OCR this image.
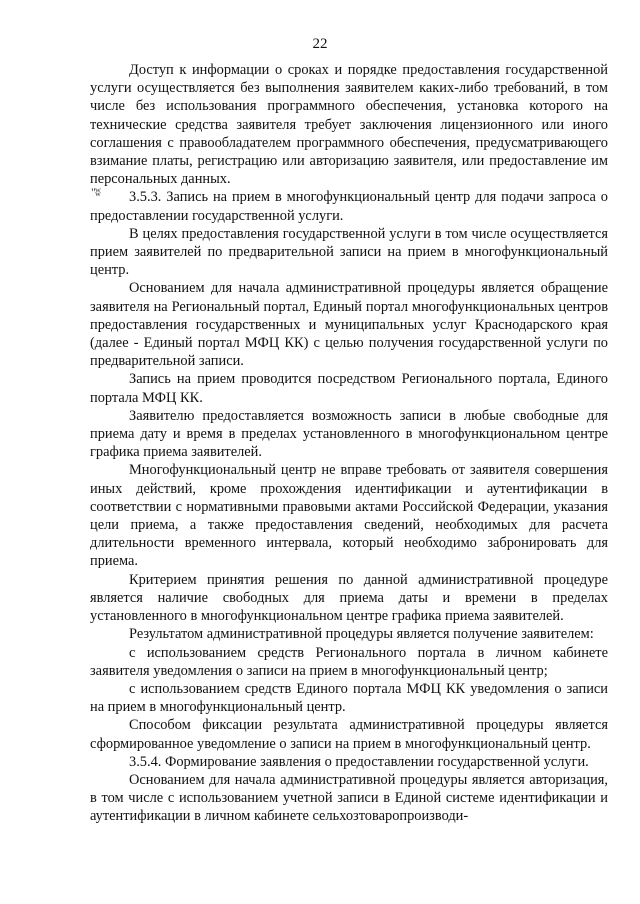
22
"ʬ

Доступ к информации о сроках и порядке предоставления государственной услуги осуществляется без выполнения заявителем каких-либо требований, в том числе без использования программного обеспечения, установка которого на технические средства заявителя требует заключения лицензионного или иного соглашения с правообладателем программного обеспечения, предусматривающего взимание платы, регистрацию или авторизацию заявителя, или предоставление им персональных данных.

3.5.3. Запись на прием в многофункциональный центр для подачи запроса о предоставлении государственной услуги.

В целях предоставления государственной услуги в том числе осуществляется прием заявителей по предварительной записи на прием в многофункциональный центр.

Основанием для начала административной процедуры является обращение заявителя на Региональный портал, Единый портал многофункциональных центров предоставления государственных и муниципальных услуг Краснодарского края (далее - Единый портал МФЦ КК) с целью получения государственной услуги по предварительной записи.

Запись на прием проводится посредством Регионального портала, Единого портала МФЦ КК.

Заявителю предоставляется возможность записи в любые свободные для приема дату и время в пределах установленного в многофункциональном центре графика приема заявителей.

Многофункциональный центр не вправе требовать от заявителя совершения иных действий, кроме прохождения идентификации и аутентификации в соответствии с нормативными правовыми актами Российской Федерации, указания цели приема, а также предоставления сведений, необходимых для расчета длительности временного интервала, который необходимо забронировать для приема.

Критерием принятия решения по данной административной процедуре является наличие свободных для приема даты и времени в пределах установленного в многофункциональном центре графика приема заявителей.

Результатом административной процедуры является получение заявителем:

с использованием средств Регионального портала в личном кабинете заявителя уведомления о записи на прием в многофункциональный центр;

с использованием средств Единого портала МФЦ КК уведомления о записи на прием в многофункциональный центр.

Способом фиксации результата административной процедуры является сформированное уведомление о записи на прием в многофункциональный центр.

3.5.4. Формирование заявления о предоставлении государственной услуги.

Основанием для начала административной процедуры является авторизация, в том числе с использованием учетной записи в Единой системе идентификации и аутентификации в личном кабинете сельхозтоваропроизводи-
